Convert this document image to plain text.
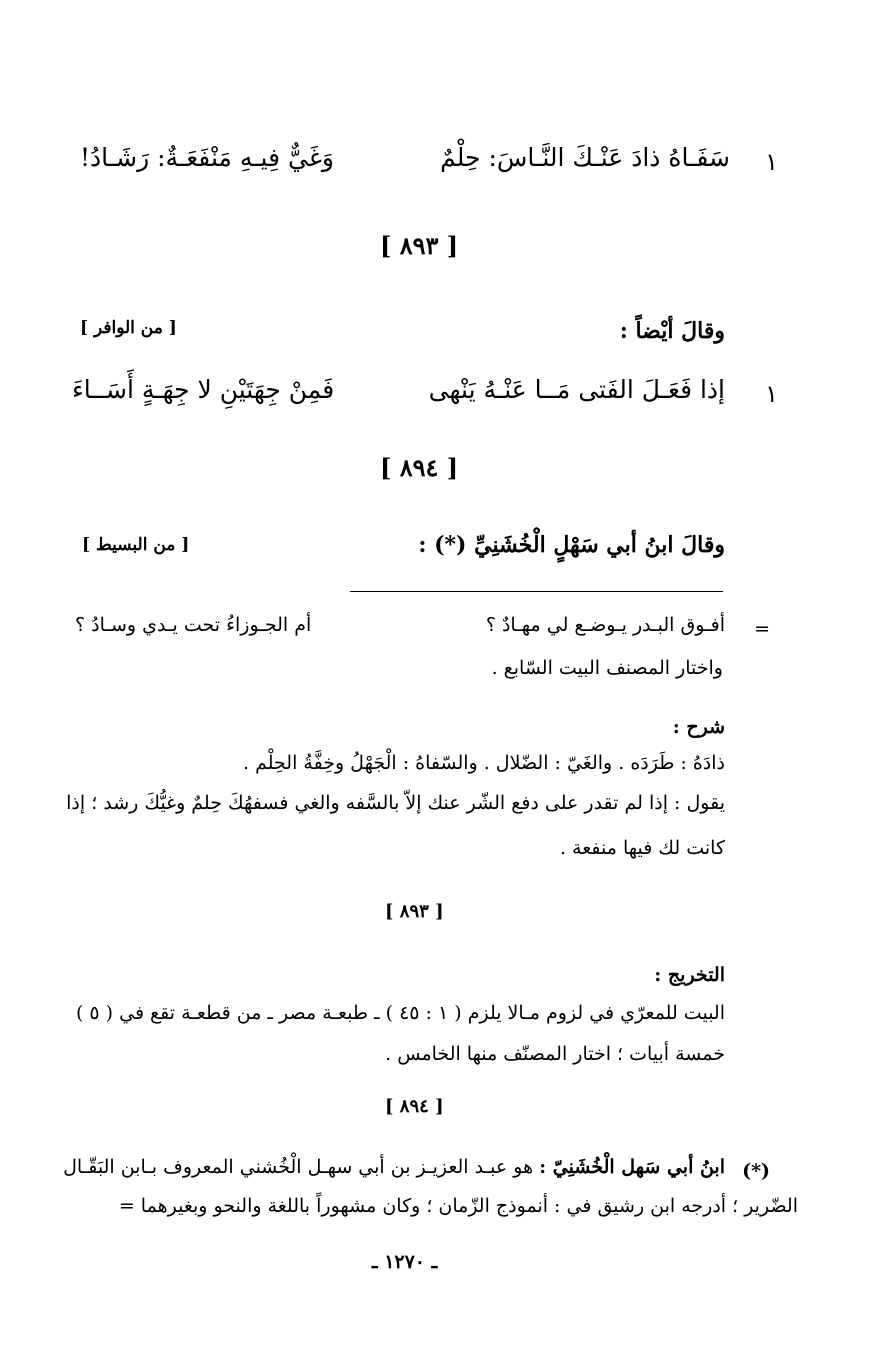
١
سَفَـاهُ ذادَ عَنْـكَ النَّـاسَ: حِلْمٌ
وَغَيٌّ فِيـهِ مَنْفَعَـةٌ: رَشَـادُ!
[ ٨٩٣ ]
وقالَ أيْضاً :
[ من الوافر ]
١
إذا فَعَـلَ الفَتى مَــا عَنْـهُ يَنْهى
فَمِنْ جِهَتَيْنِ لا جِهَـةٍ أَسَــاءَ
[ ٨٩٤ ]
وقالَ ابنُ أبي سَهْلٍ الْخُشَنِيِّ (*) :
[ من البسيط ]
=
أفـوق البـدر يـوضـع لي مهـادٌ ؟
أم الجـوزاءُ تحت يـدي وسـادُ ؟
واختار المصنف البيت السّابع .
شرح :
ذادَهُ : طَرَدَه . والغَيّ : الضّلال . والسّفاهُ : الْجَهْلُ وخِفَّةُ الحِلْم .
يقول : إذا لم تقدر على دفع الشّر عنك إلاّ بالسَّفه والغي فسفهُكَ حِلمٌ وغيُّكَ رشد ؛ إذا
كانت لك فيها منفعة .
[ ٨٩٣ ]
التخريج :
البيت للمعرّي في لزوم مـالا يلزم ( ١ : ٤٥ ) ـ طبعـة مصر ـ من قطعـة تقع في ( ٥ )
خمسة أبيات ؛ اختار المصنّف منها الخامس .
[ ٨٩٤ ]
(*)
ابنُ أبي سَهل الْخُشَنِيّ : هو عبـد العزيـز بن أبي سهـل الْخُشني المعروف بـابن البَقّـال
الضّرير ؛ أدرجه ابن رشيق في : أنموذج الزّمان ؛ وكان مشهوراً باللغة والنحو وبغيرهما =
ـ ١٢٧٠ ـ
